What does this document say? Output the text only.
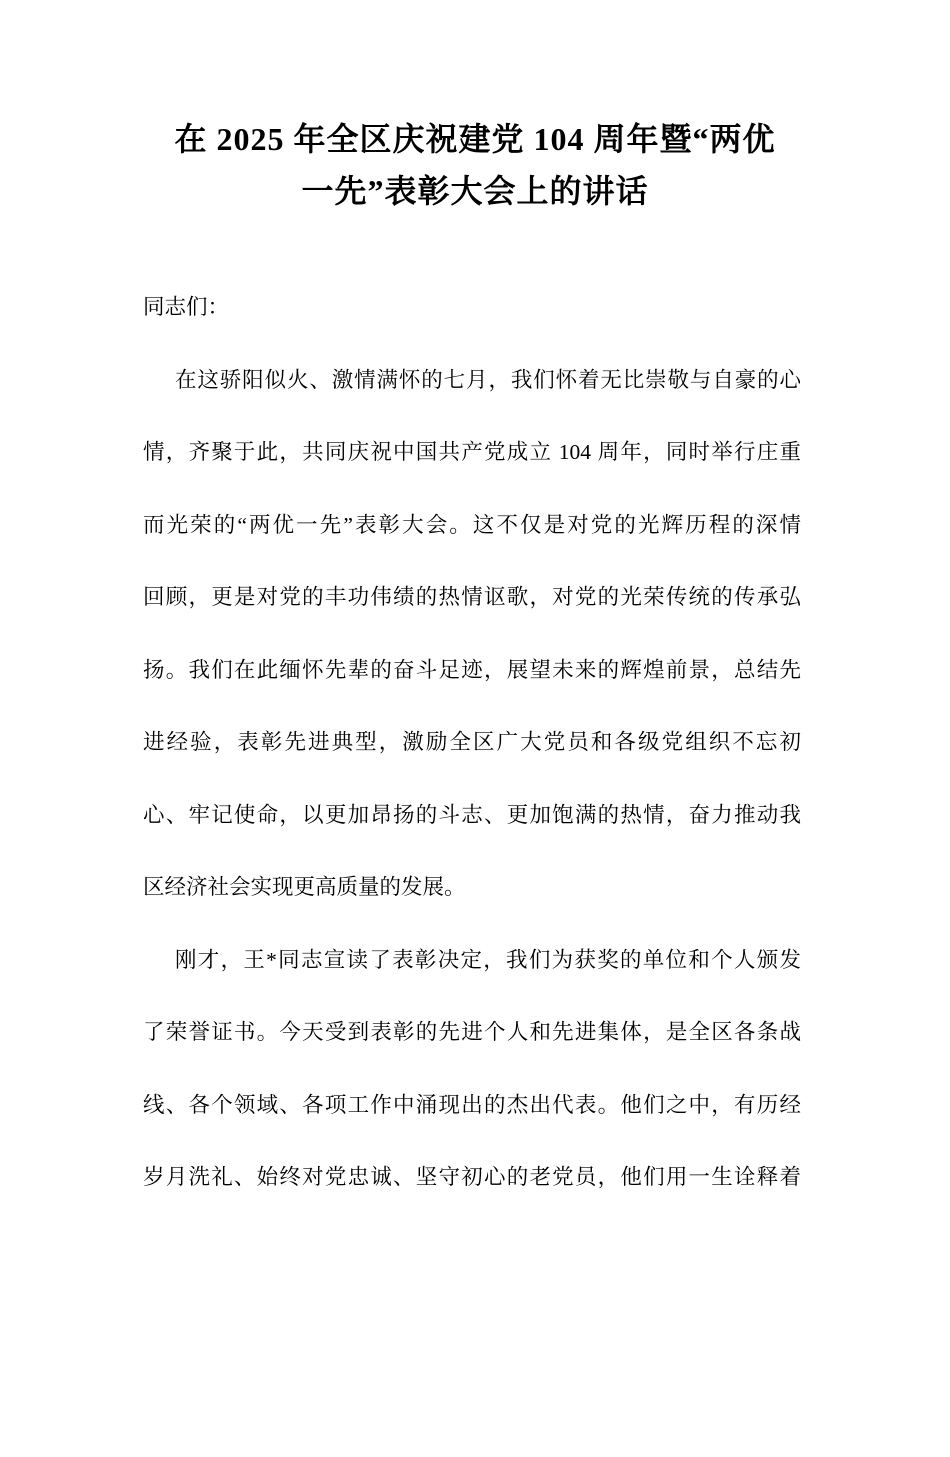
在 2025 年全区庆祝建党 104 周年暨“两优
一先”表彰大会上的讲话
同志们：
在这骄阳似火、激情满怀的七月，我们怀着无比崇敬与自豪的心
情，齐聚于此，共同庆祝中国共产党成立 104 周年，同时举行庄重
而光荣的“两优一先”表彰大会。这不仅是对党的光辉历程的深情
回顾，更是对党的丰功伟绩的热情讴歌，对党的光荣传统的传承弘
扬。我们在此缅怀先辈的奋斗足迹，展望未来的辉煌前景，总结先
进经验，表彰先进典型，激励全区广大党员和各级党组织不忘初
心、牢记使命，以更加昂扬的斗志、更加饱满的热情，奋力推动我
区经济社会实现更高质量的发展。
刚才，王*同志宣读了表彰决定，我们为获奖的单位和个人颁发
了荣誉证书。今天受到表彰的先进个人和先进集体，是全区各条战
线、各个领域、各项工作中涌现出的杰出代表。他们之中，有历经
岁月洗礼、始终对党忠诚、坚守初心的老党员，他们用一生诠释着
